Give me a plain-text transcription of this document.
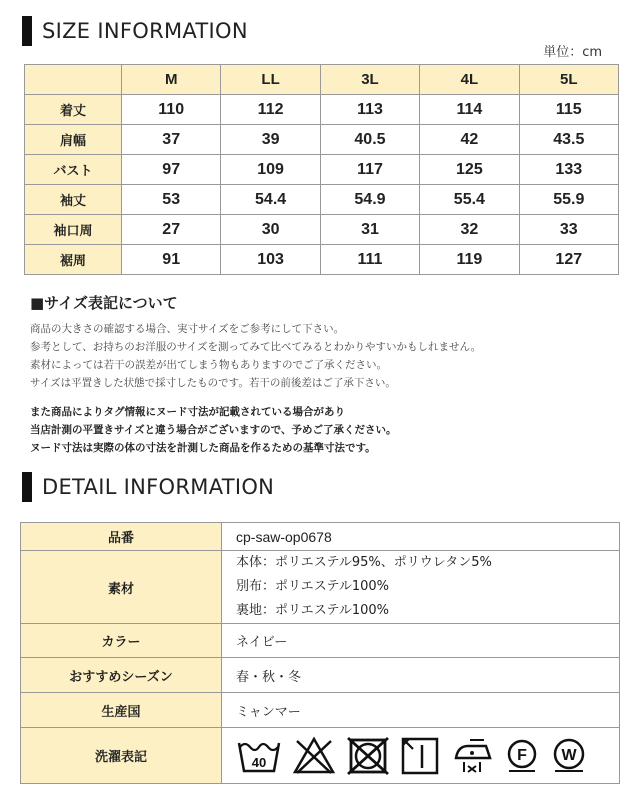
SIZE INFORMATION
単位：cm
	M	LL	3L	4L	5L
着丈	110	112	113	114	115
肩幅	37	39	40.5	42	43.5
バスト	97	109	117	125	133
袖丈	53	54.4	54.9	55.4	55.9
袖口周	27	30	31	32	33
裾周	91	103	111	119	127
■サイズ表記について
商品の大きさの確認する場合、実寸サイズをご参考にして下さい。
参考として、お持ちのお洋服のサイズを測ってみて比べてみるとわかりやすいかもしれません。
素材によっては若干の誤差が出てしまう物もありますのでご了承ください。
サイズは平置きした状態で採寸したものです。若干の前後差はご了承下さい。
また商品によりタグ情報にヌード寸法が記載されている場合があり
当店計測の平置きサイズと違う場合がございますので、予めご了承ください。
ヌード寸法は実際の体の寸法を計測した商品を作るための基準寸法です。
DETAIL INFORMATION
品番	cp-saw-op0678
素材	本体：ポリエステル95%、ポリウレタン5%
別布：ポリエステル100%
裏地：ポリエステル100%

カラー	ネイビー
おすすめシーズン	春・秋・冬
生産国	ミャンマー
洗濯表記	40 F W
